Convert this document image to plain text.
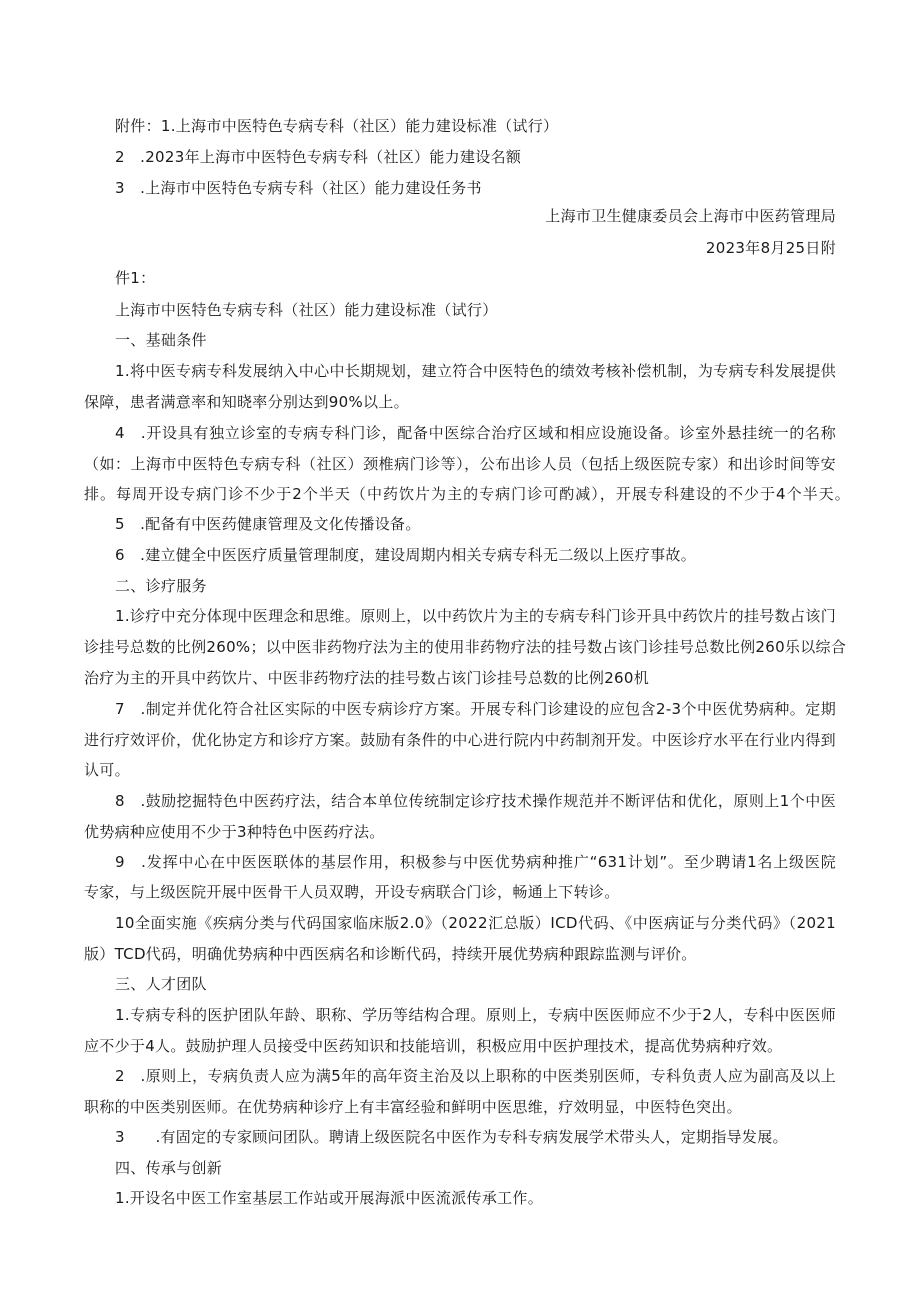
附件：1.上海市中医特色专病专科（社区）能力建设标准（试行）
2　.2023年上海市中医特色专病专科（社区）能力建设名额
3　.上海市中医特色专病专科（社区）能力建设任务书
上海市卫生健康委员会上海市中医药管理局
2023年8月25日附
件1：
上海市中医特色专病专科（社区）能力建设标准（试行）
一、基础条件
1.将中医专病专科发展纳入中心中长期规划，建立符合中医特色的绩效考核补偿机制，为专病专科发展提供
保障，患者满意率和知晓率分别达到90%以上。
4　.开设具有独立诊室的专病专科门诊，配备中医综合治疗区域和相应设施设备。诊室外悬挂统一的名称
（如：上海市中医特色专病专科（社区）颈椎病门诊等），公布出诊人员（包括上级医院专家）和出诊时间等安
排。每周开设专病门诊不少于2个半天（中药饮片为主的专病门诊可酌减），开展专科建设的不少于4个半天。
5　.配备有中医药健康管理及文化传播设备。
6　.建立健全中医医疗质量管理制度，建设周期内相关专病专科无二级以上医疗事故。
二、诊疗服务
1.诊疗中充分体现中医理念和思维。原则上，以中药饮片为主的专病专科门诊开具中药饮片的挂号数占该门
诊挂号总数的比例260%；以中医非药物疗法为主的使用非药物疗法的挂号数占该门诊挂号总数比例260乐以综合
治疗为主的开具中药饮片、中医非药物疗法的挂号数占该门诊挂号总数的比例260机
7　.制定并优化符合社区实际的中医专病诊疗方案。开展专科门诊建设的应包含2-3个中医优势病种。定期
进行疗效评价，优化协定方和诊疗方案。鼓励有条件的中心进行院内中药制剂开发。中医诊疗水平在行业内得到
认可。
8　.鼓励挖掘特色中医药疗法，结合本单位传统制定诊疗技术操作规范并不断评估和优化，原则上1个中医
优势病种应使用不少于3种特色中医药疗法。
9　.发挥中心在中医医联体的基层作用，积极参与中医优势病种推广“631计划”。至少聘请1名上级医院
专家，与上级医院开展中医骨干人员双聘，开设专病联合门诊，畅通上下转诊。
10全面实施《疾病分类与代码国家临床版2.0》（2022汇总版）ICD代码、《中医病证与分类代码》（2021
版）TCD代码，明确优势病种中西医病名和诊断代码，持续开展优势病种跟踪监测与评价。
三、人才团队
1.专病专科的医护团队年龄、职称、学历等结构合理。原则上，专病中医医师应不少于2人，专科中医医师
应不少于4人。鼓励护理人员接受中医药知识和技能培训，积极应用中医护理技术，提高优势病种疗效。
2　.原则上，专病负责人应为满5年的高年资主治及以上职称的中医类别医师，专科负责人应为副高及以上
职称的中医类别医师。在优势病种诊疗上有丰富经验和鲜明中医思维，疗效明显，中医特色突出。
3　　.有固定的专家顾问团队。聘请上级医院名中医作为专科专病发展学术带头人，定期指导发展。
四、传承与创新
1.开设名中医工作室基层工作站或开展海派中医流派传承工作。
